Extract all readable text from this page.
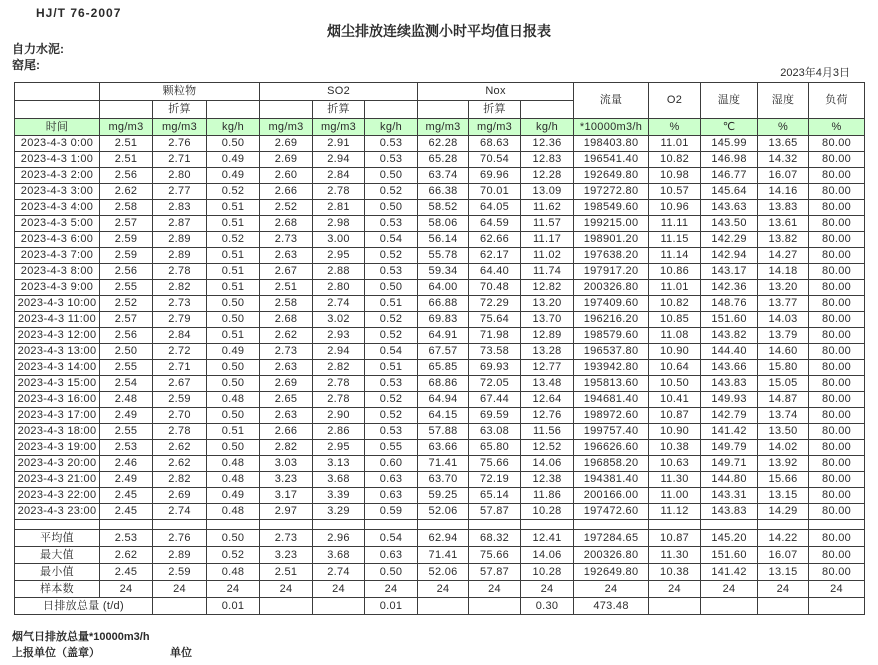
HJ/T 76-2007
烟尘排放连续监测小时平均值日报表
自力水泥:
窑尾:
2023年4月3日
	颗粒物			SO2			Nox			流量	O2	温度	湿度	负荷
		折算			折算			折算						
时间	mg/m3	mg/m3	kg/h	mg/m3	mg/m3	kg/h	mg/m3	mg/m3	kg/h	*10000m3/h	%	℃	%	%
2023-4-3 0:00	2.51	2.76	0.50	2.69	2.91	0.53	62.28	68.63	12.36	198403.80	11.01	145.99	13.65	80.00
2023-4-3 1:00	2.51	2.71	0.49	2.69	2.94	0.53	65.28	70.54	12.83	196541.40	10.82	146.98	14.32	80.00
2023-4-3 2:00	2.56	2.80	0.49	2.60	2.84	0.50	63.74	69.96	12.28	192649.80	10.98	146.77	16.07	80.00
2023-4-3 3:00	2.62	2.77	0.52	2.66	2.78	0.52	66.38	70.01	13.09	197272.80	10.57	145.64	14.16	80.00
2023-4-3 4:00	2.58	2.83	0.51	2.52	2.81	0.50	58.52	64.05	11.62	198549.60	10.96	143.63	13.83	80.00
2023-4-3 5:00	2.57	2.87	0.51	2.68	2.98	0.53	58.06	64.59	11.57	199215.00	11.11	143.50	13.61	80.00
2023-4-3 6:00	2.59	2.89	0.52	2.73	3.00	0.54	56.14	62.66	11.17	198901.20	11.15	142.29	13.82	80.00
2023-4-3 7:00	2.59	2.89	0.51	2.63	2.95	0.52	55.78	62.17	11.02	197638.20	11.14	142.94	14.27	80.00
2023-4-3 8:00	2.56	2.78	0.51	2.67	2.88	0.53	59.34	64.40	11.74	197917.20	10.86	143.17	14.18	80.00
2023-4-3 9:00	2.55	2.82	0.51	2.51	2.80	0.50	64.00	70.48	12.82	200326.80	11.01	142.36	13.20	80.00
2023-4-3 10:00	2.52	2.73	0.50	2.58	2.74	0.51	66.88	72.29	13.20	197409.60	10.82	148.76	13.77	80.00
2023-4-3 11:00	2.57	2.79	0.50	2.68	3.02	0.52	69.83	75.64	13.70	196216.20	10.85	151.60	14.03	80.00
2023-4-3 12:00	2.56	2.84	0.51	2.62	2.93	0.52	64.91	71.98	12.89	198579.60	11.08	143.82	13.79	80.00
2023-4-3 13:00	2.50	2.72	0.49	2.73	2.94	0.54	67.57	73.58	13.28	196537.80	10.90	144.40	14.60	80.00
2023-4-3 14:00	2.55	2.71	0.50	2.63	2.82	0.51	65.85	69.93	12.77	193942.80	10.64	143.66	15.80	80.00
2023-4-3 15:00	2.54	2.67	0.50	2.69	2.78	0.53	68.86	72.05	13.48	195813.60	10.50	143.83	15.05	80.00
2023-4-3 16:00	2.48	2.59	0.48	2.65	2.78	0.52	64.94	67.44	12.64	194681.40	10.41	149.93	14.87	80.00
2023-4-3 17:00	2.49	2.70	0.50	2.63	2.90	0.52	64.15	69.59	12.76	198972.60	10.87	142.79	13.74	80.00
2023-4-3 18:00	2.55	2.78	0.51	2.66	2.86	0.53	57.88	63.08	11.56	199757.40	10.90	141.42	13.50	80.00
2023-4-3 19:00	2.53	2.62	0.50	2.82	2.95	0.55	63.66	65.80	12.52	196626.60	10.38	149.79	14.02	80.00
2023-4-3 20:00	2.46	2.62	0.48	3.03	3.13	0.60	71.41	75.66	14.06	196858.20	10.63	149.71	13.92	80.00
2023-4-3 21:00	2.49	2.82	0.48	3.23	3.68	0.63	63.70	72.19	12.38	194381.40	11.30	144.80	15.66	80.00
2023-4-3 22:00	2.45	2.69	0.49	3.17	3.39	0.63	59.25	65.14	11.86	200166.00	11.00	143.31	13.15	80.00
2023-4-3 23:00	2.45	2.74	0.48	2.97	3.29	0.59	52.06	57.87	10.28	197472.60	11.12	143.83	14.29	80.00

平均值	2.53	2.76	0.50	2.73	2.96	0.54	62.94	68.32	12.41	197284.65	10.87	145.20	14.22	80.00
最大值	2.62	2.89	0.52	3.23	3.68	0.63	71.41	75.66	14.06	200326.80	11.30	151.60	16.07	80.00
最小值	2.45	2.59	0.48	2.51	2.74	0.50	52.06	57.87	10.28	192649.80	10.38	141.42	13.15	80.00
样本数	24	24	24	24	24	24	24	24	24	24	24	24	24	24
日排放总量 (t/d)			0.01			0.01			0.30	473.48				
烟气日排放总量*10000m3/h
上报单位（盖章）	单位
